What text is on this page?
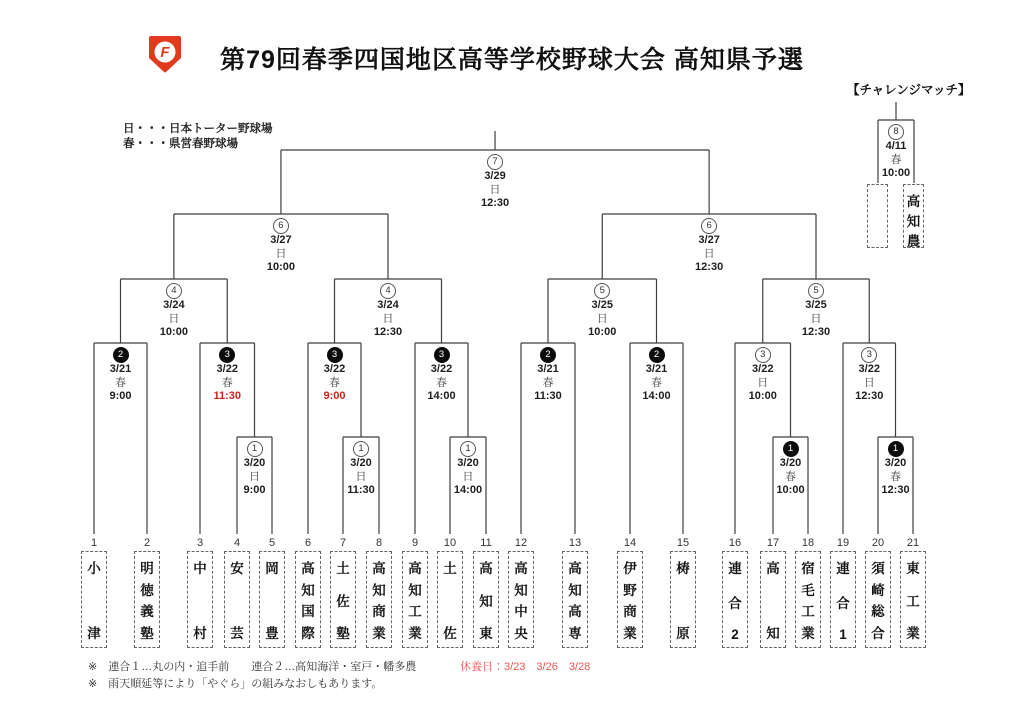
F	第79回春季四国地区高等学校野球大会 高知県予選
日・・・日本トーター野球場
春・・・県営春野球場
【チャレンジマッチ】
1
小
津
2
明
徳
義
塾
3
中
村
4
安
芸
5
岡
豊
6
高
知
国
際
7
土
佐
塾
8
高
知
商
業
9
高
知
工
業
10
土
佐
11
高
知
東
12
高
知
中
央
13
高
知
高
専
14
伊
野
商
業
15
梼
原
16
連
合
2
17
高
知
18
宿
毛
工
業
19
連
合
1
20
須
崎
総
合
21
東
工
業
1
3/20
日
9:00
1
3/20
日
11:30
1
3/20
日
14:00
1
3/20
春
10:00
1
3/20
春
12:30
2
3/21
春
9:00
3
3/22
春
11:30
3
3/22
春
9:00
3
3/22
春
14:00
2
3/21
春
11:30
2
3/21
春
14:00
3
3/22
日
10:00
3
3/22
日
12:30
4
3/24
日
10:00
4
3/24
日
12:30
5
3/25
日
10:00
5
3/25
日
12:30
6
3/27
日
10:00
6
3/27
日
12:30
7
3/29
日
12:30
8
4/11
春
10:00
高
知
農
※　連合１…丸の内・追手前　　連合２…高知海洋・室戸・幡多農	休養日：3/23　3/26　3/28
※　雨天順延等により「やぐら」の組みなおしもあります。
